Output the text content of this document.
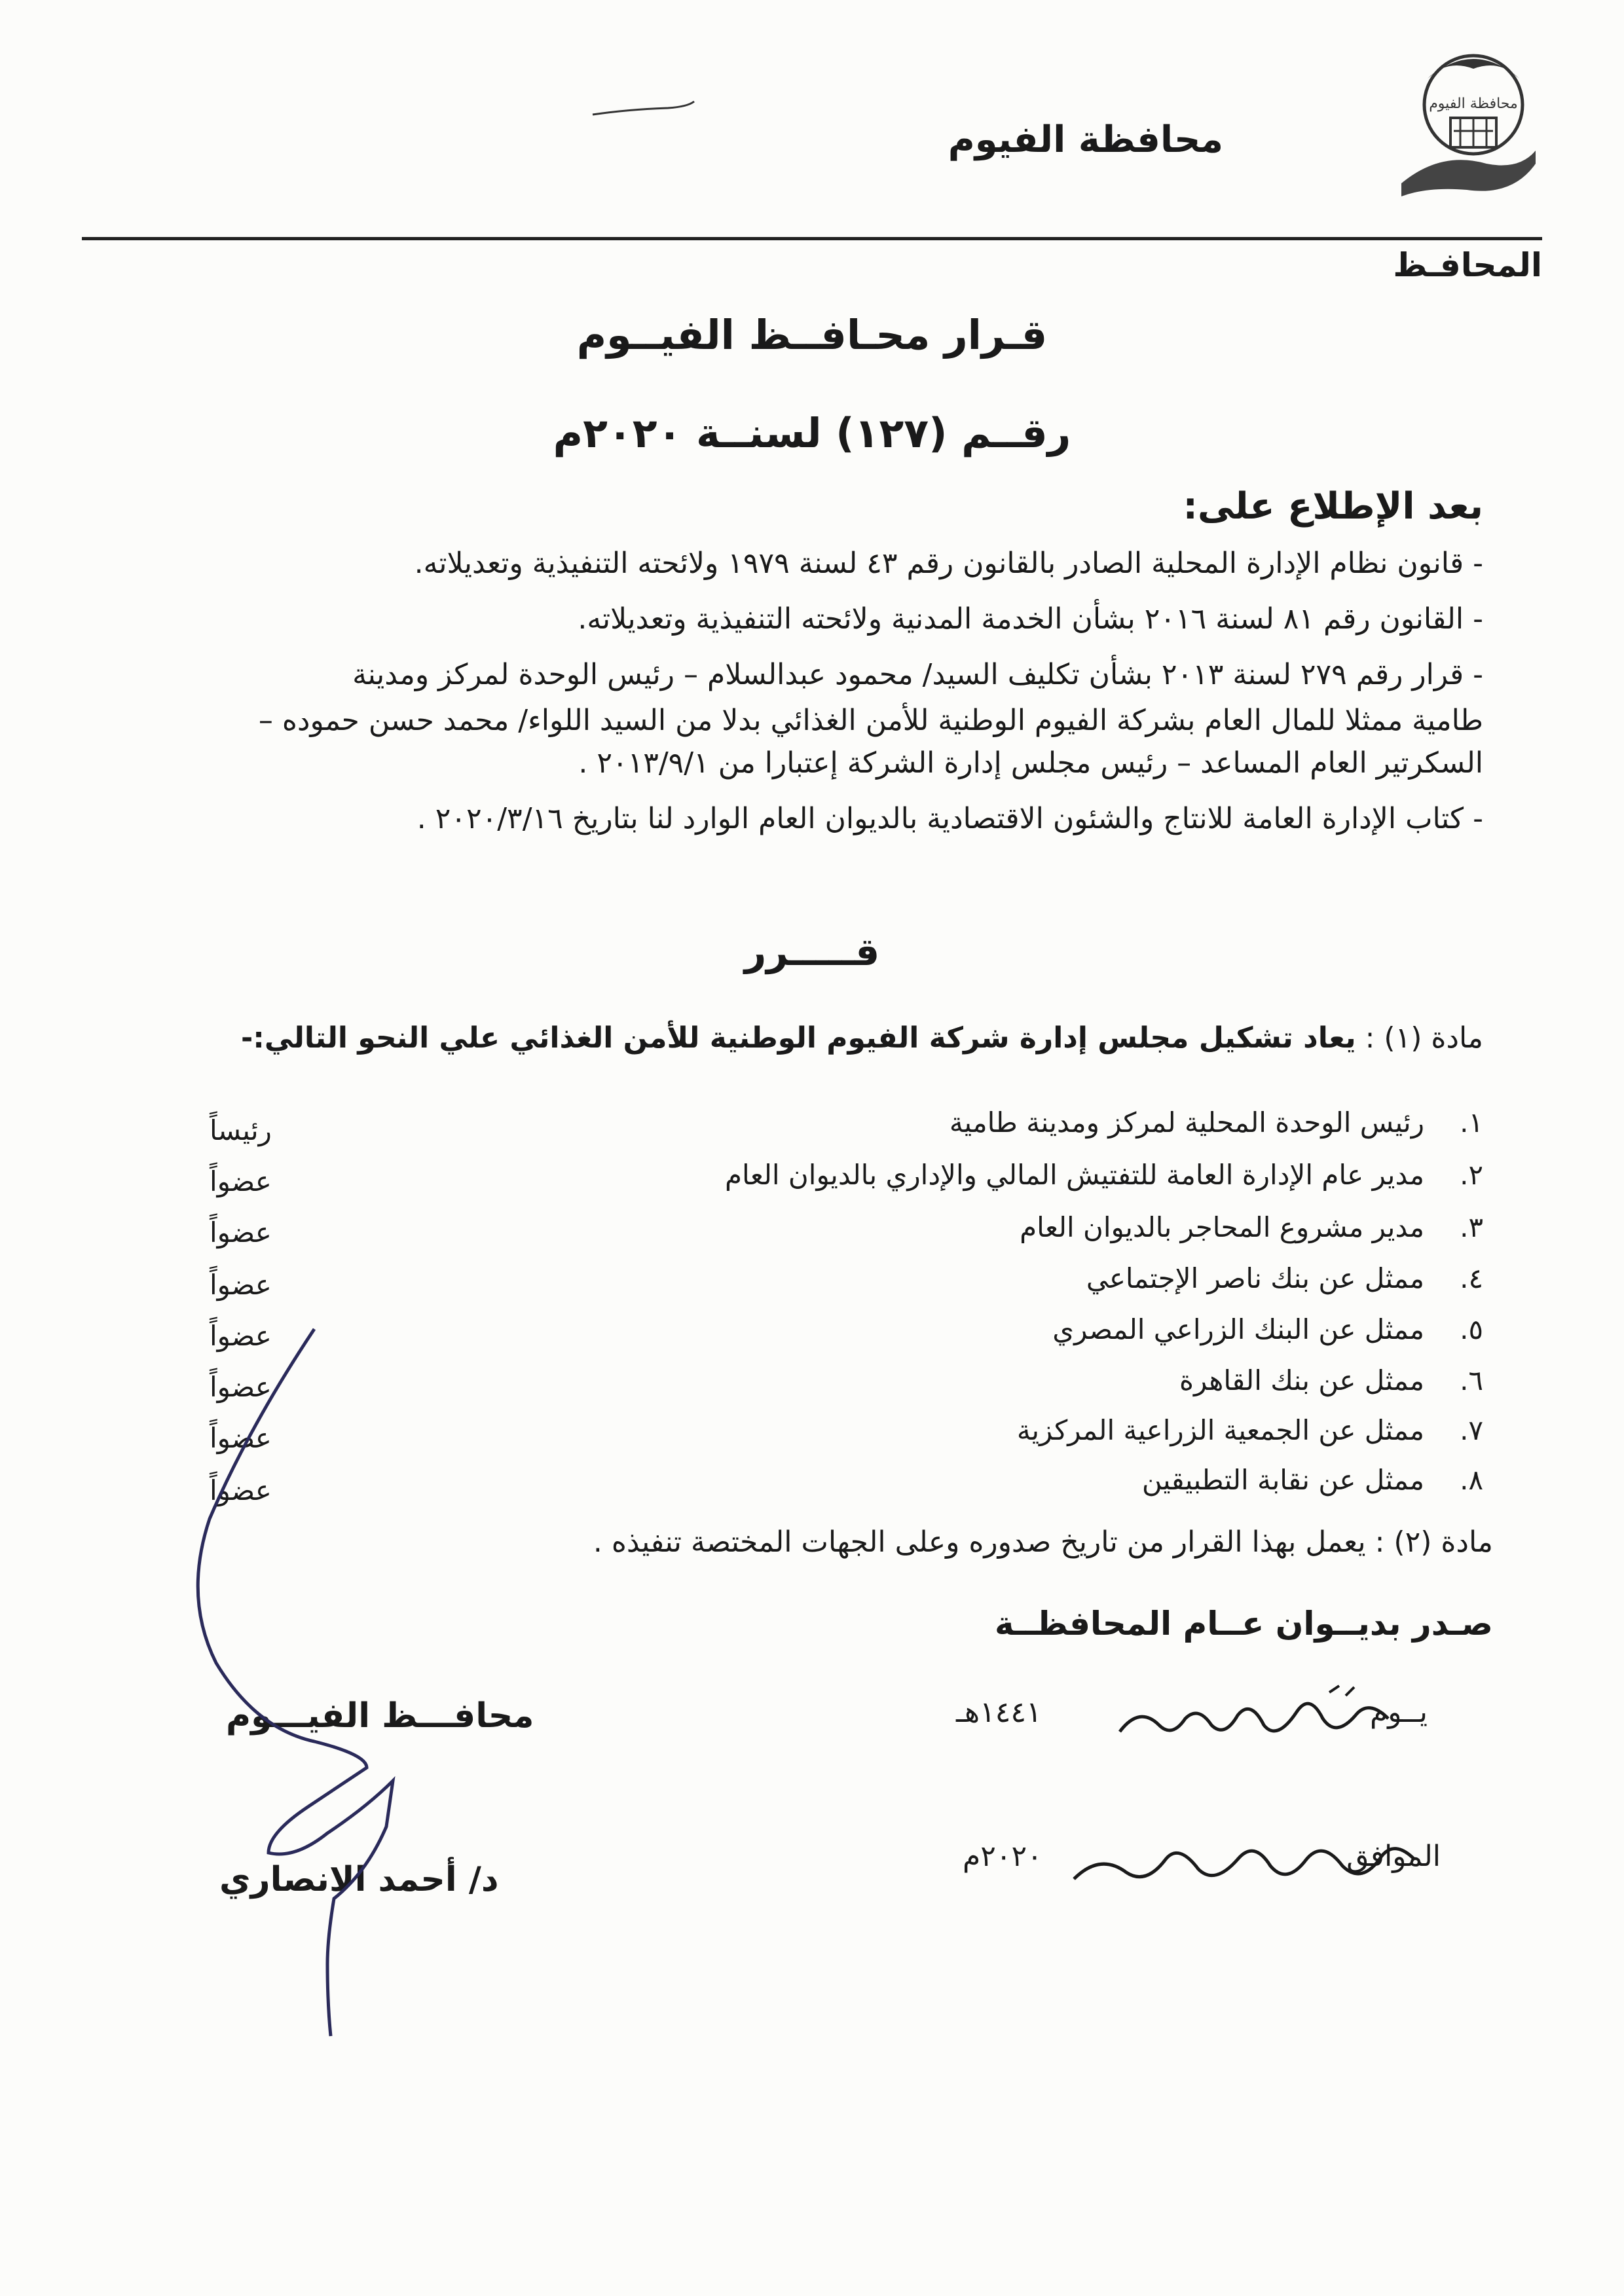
محافظة الفيوم
محافظة الفيوم
المحافـظ
قـرار محـافــظ الفيــوم
رقــم (١٢٧) لسنــة ٢٠٢٠م
بعد الإطلاع على:
- قانون نظام الإدارة المحلية الصادر بالقانون رقم ٤٣ لسنة ١٩٧٩ ولائحته التنفيذية وتعديلاته.
- القانون رقم ٨١ لسنة ٢٠١٦ بشأن الخدمة المدنية ولائحته التنفيذية وتعديلاته.
- قرار رقم ٢٧٩ لسنة ٢٠١٣ بشأن تكليف السيد/ محمود عبدالسلام – رئيس الوحدة لمركز ومدينة
طامية ممثلا للمال العام بشركة الفيوم الوطنية للأمن الغذائي بدلا من السيد اللواء/ محمد حسن حموده –
السكرتير العام المساعد – رئيس مجلس إدارة الشركة إعتبارا من ٢٠١٣/٩/١ .
- كتاب الإدارة العامة للانتاج والشئون الاقتصادية بالديوان العام الوارد لنا بتاريخ ٢٠٢٠/٣/١٦ .
قـــــرر
مادة (١) : يعاد تشكيل مجلس إدارة شركة الفيوم الوطنية للأمن الغذائي علي النحو التالي:-
١.
رئيس الوحدة المحلية لمركز ومدينة طامية
رئيساً
٢.
مدير عام الإدارة العامة للتفتيش المالي والإداري بالديوان العام
عضواً
٣.
مدير مشروع المحاجر بالديوان العام
عضواً
٤.
ممثل عن بنك ناصر الإجتماعي
عضواً
٥.
ممثل عن البنك الزراعي المصري
عضواً
٦.
ممثل عن بنك القاهرة
عضواً
٧.
ممثل عن الجمعية الزراعية المركزية
عضواً
٨.
ممثل عن نقابة التطبيقين
عضواً
مادة (٢) : يعمل بهذا القرار من تاريخ صدوره وعلى الجهات المختصة تنفيذه .
صـدر بديــوان عــام المحافظــة
يــوم
١٤٤١هـ
الموافق
٢٠٢٠م
محافـــظ الفيـــوم
د/ أحمد الانصاري
